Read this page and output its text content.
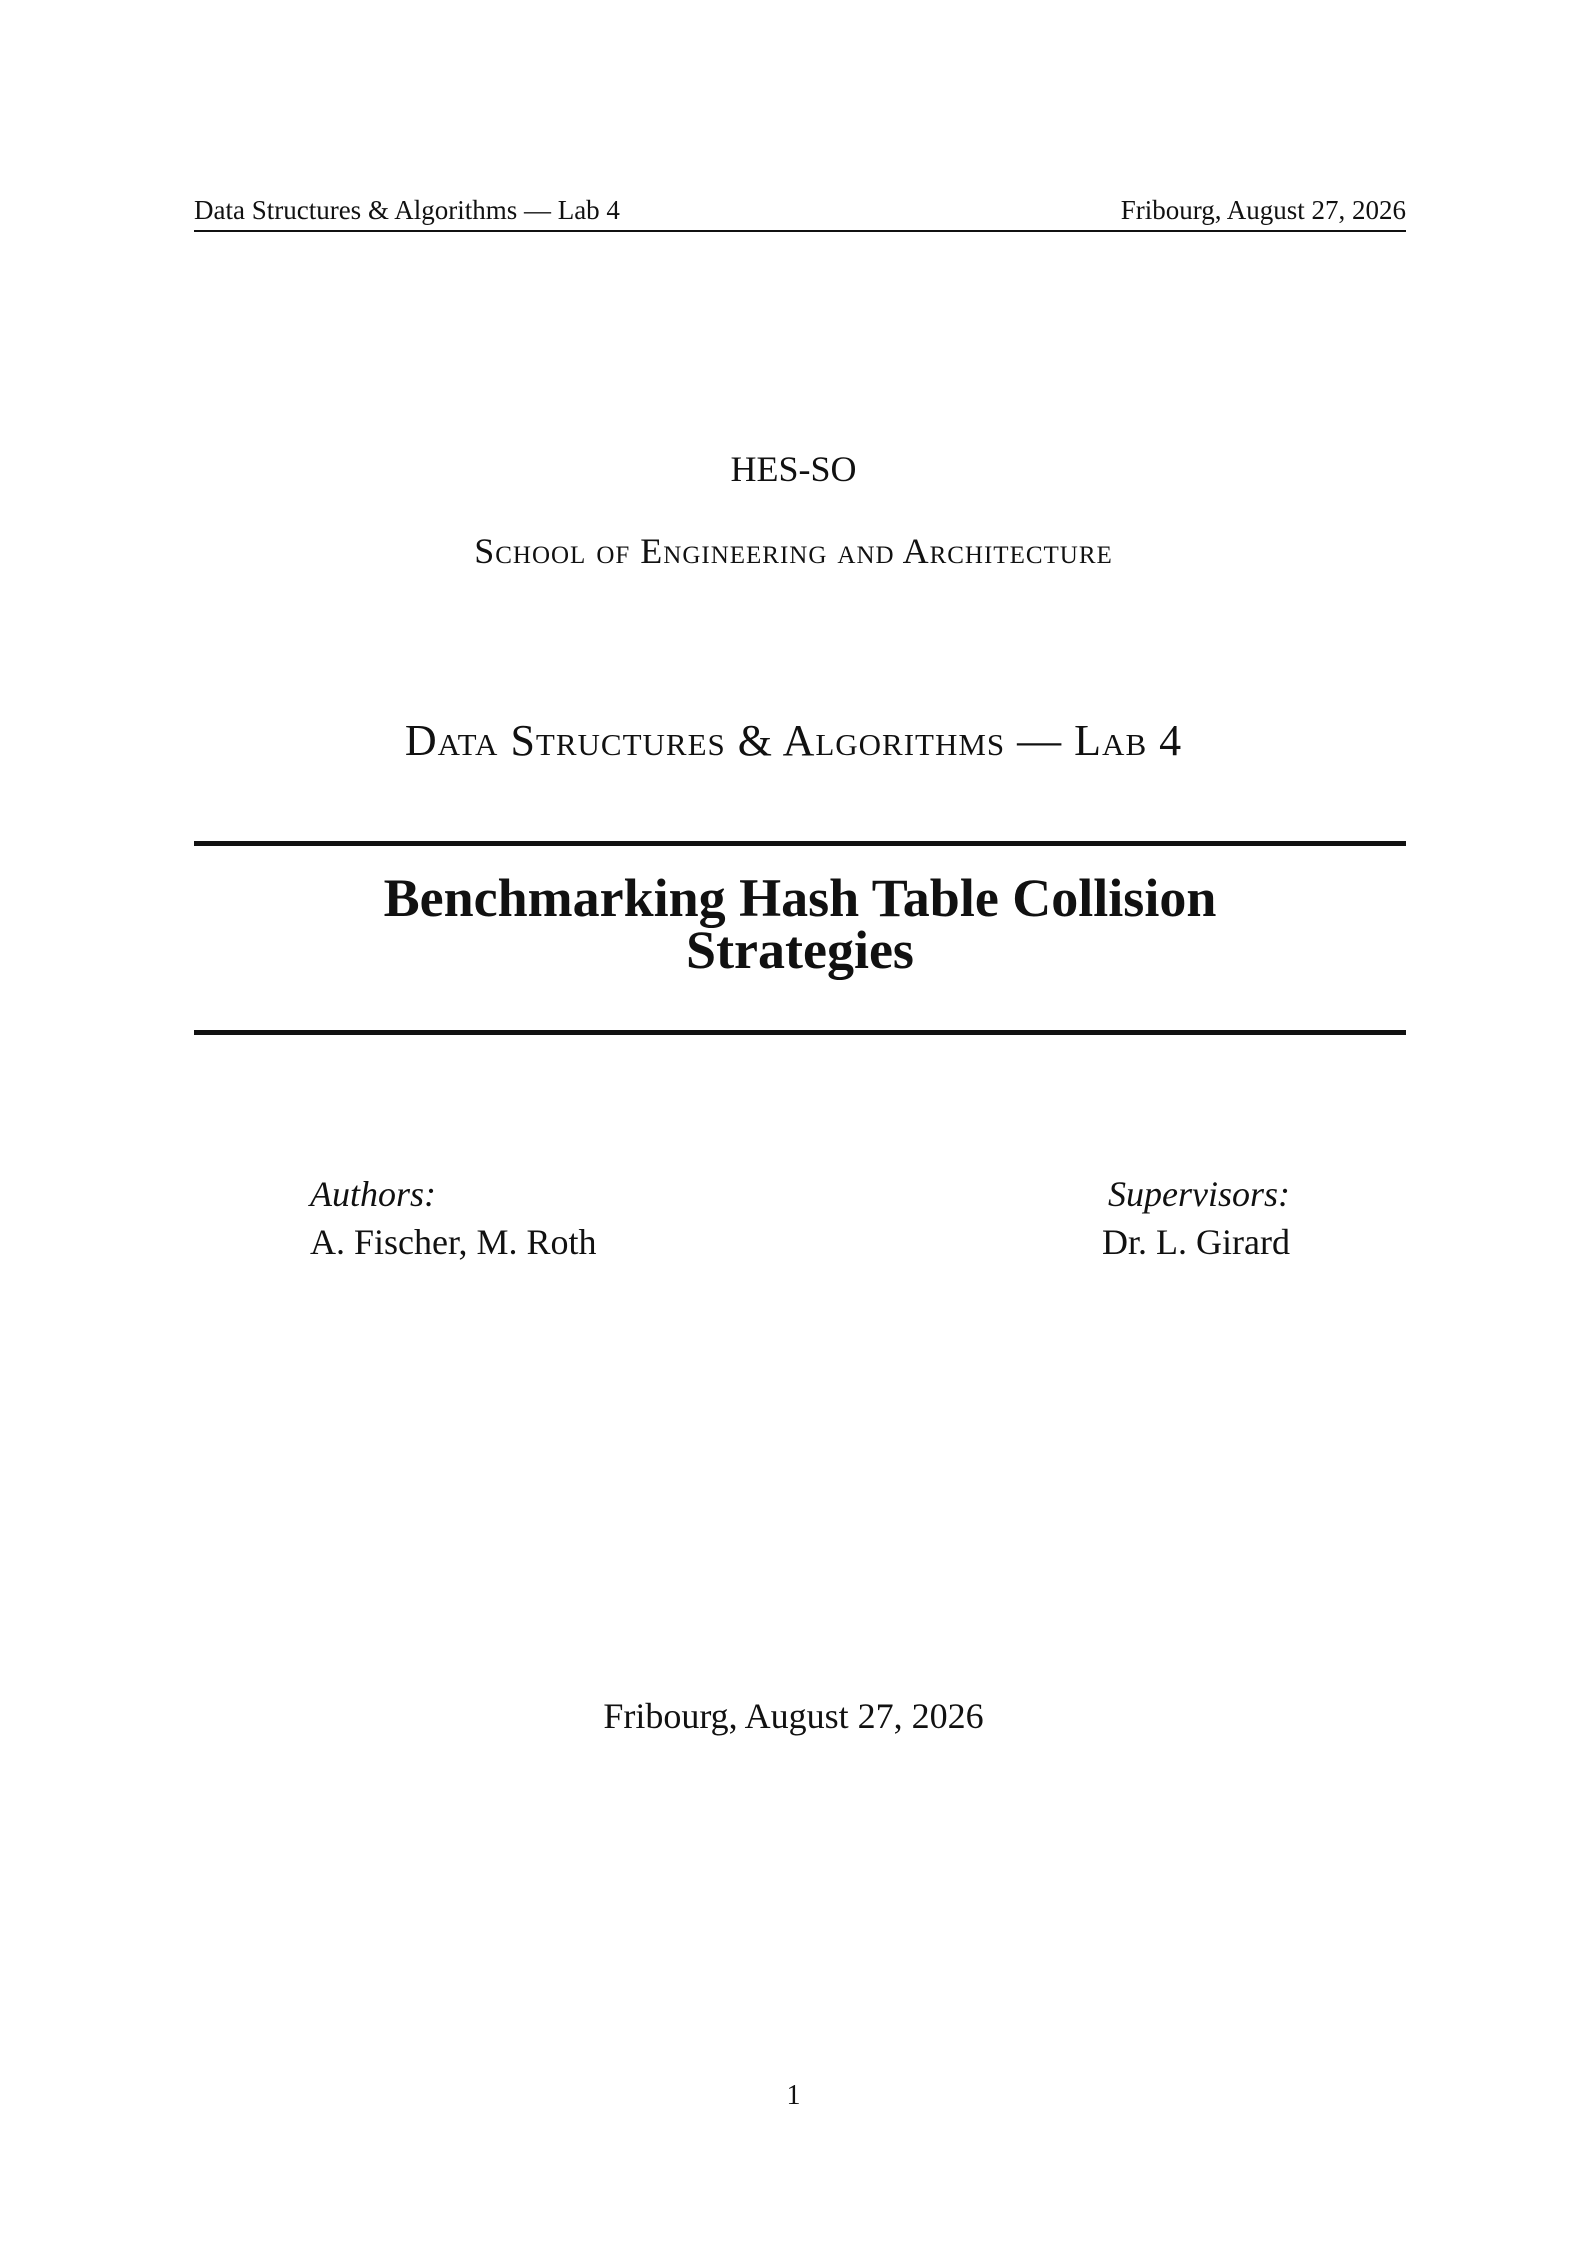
Data Structures & Algorithms — Lab 4	Fribourg, August 27, 2026
HES-SO
School of Engineering and Architecture
Data Structures & Algorithms — Lab 4
Benchmarking Hash Table Collision
Strategies
Authors:
A. Fischer, M. Roth
Supervisors:
Dr. L. Girard
Fribourg, August 27, 2026
1
